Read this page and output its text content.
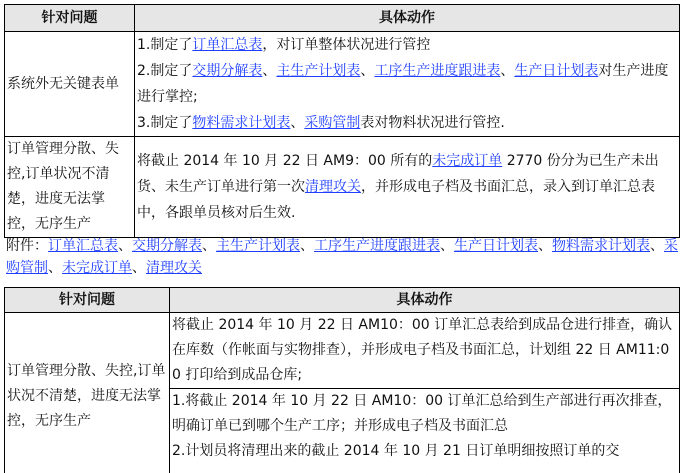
针对问题	具体动作
系统外无关键表单	1.制定了订单汇总表，对订单整体状况进行管控
2.制定了交期分解表、主生产计划表、工序生产进度跟进表、生产日计划表对生产进度进行掌控;
3.制定了物料需求计划表、采购管制表对物料状况进行管控.
订单管理分散、失控,订单状况不清楚，进度无法掌控，无序生产	将截止 2014 年 10 月 22 日 AM9：00 所有的未完成订单 2770 份分为已生产未出货、未生产订单进行第一次清理攻关，并形成电子档及书面汇总，录入到订单汇总表中，各跟单员核对后生效.
附件：订单汇总表、交期分解表、主生产计划表、工序生产进度跟进表、生产日计划表、物料需求计划表、采购管制、未完成订单、清理攻关
针对问题	具体动作
订单管理分散、失控,订单状况不清楚，进度无法掌控，无序生产	将截止 2014 年 10 月 22 日 AM10：00 订单汇总表给到成品仓进行排查，确认在库数（作帐面与实物排查），并形成电子档及书面汇总，计划组 22 日 AM11:00 打印给到成品仓库;
	1.将截止 2014 年 10 月 22 日 AM10：00 订单汇总给到生产部进行再次排查，明确订单已到哪个生产工序；并形成电子档及书面汇总
2.计划员将清理出来的截止 2014 年 10 月 21 日订单明细按照订单的交
